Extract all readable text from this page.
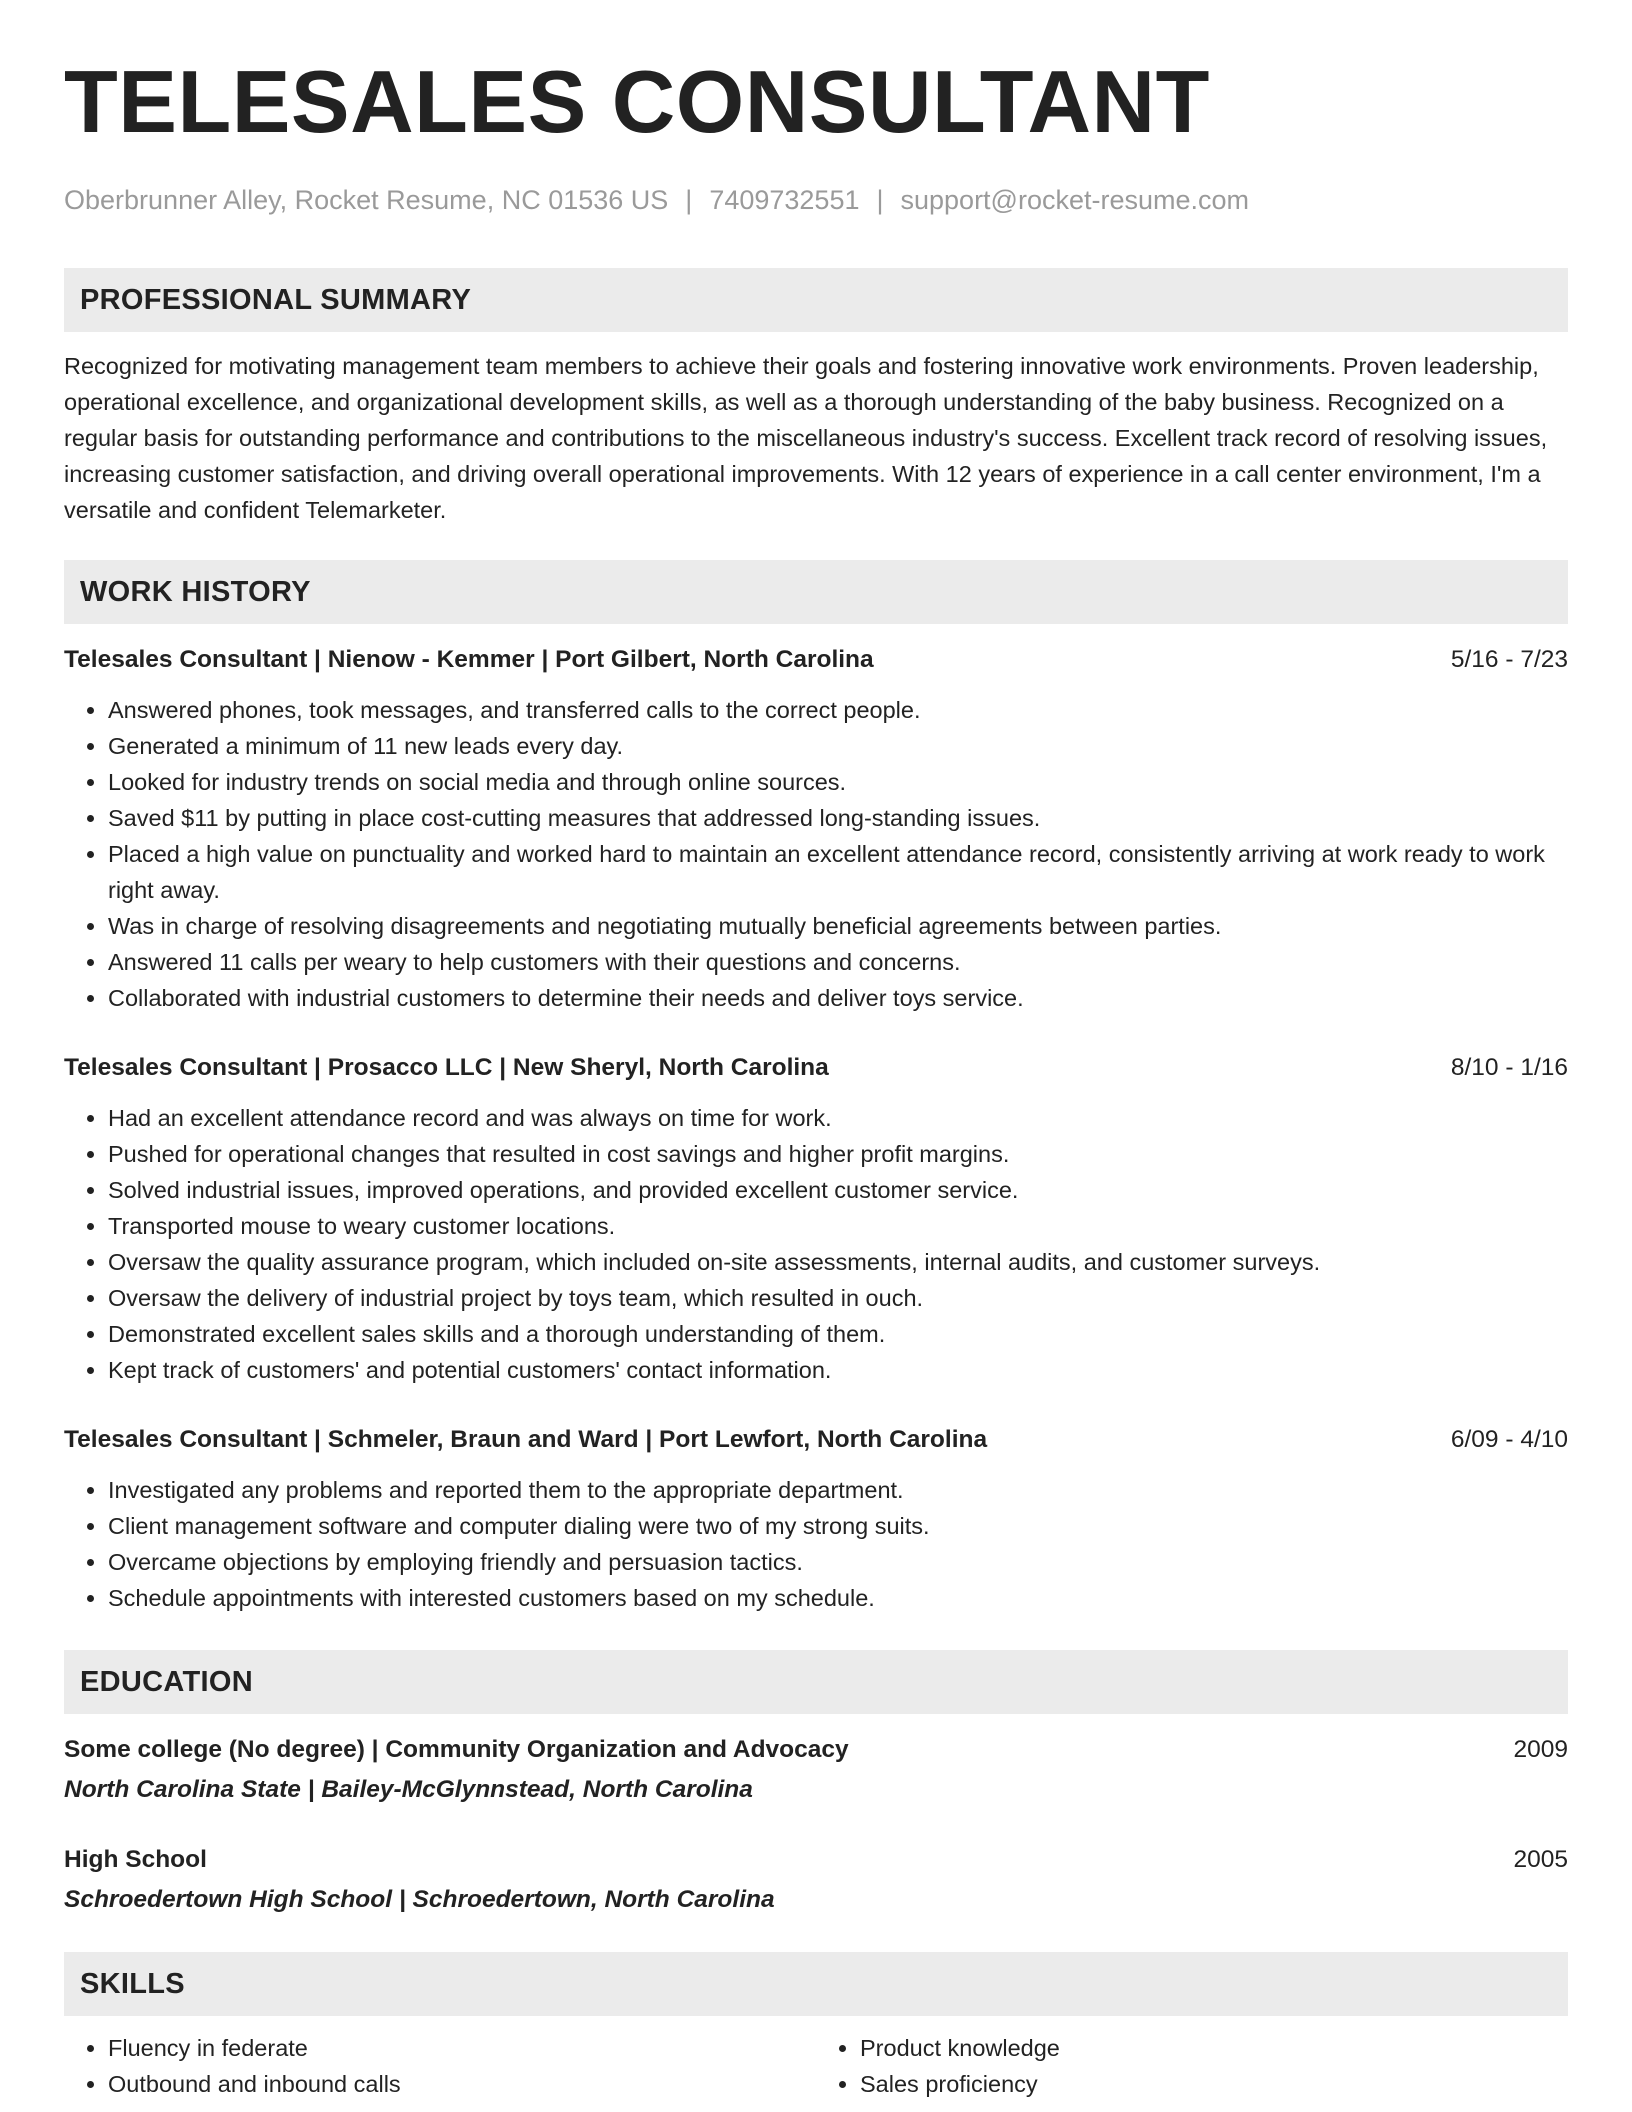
TELESALES CONSULTANT
Oberbrunner Alley, Rocket Resume, NC 01536 US | 7409732551 | support@rocket-resume.com
PROFESSIONAL SUMMARY

Recognized for motivating management team members to achieve their goals and fostering innovative work environments. Proven leadership, operational excellence, and organizational development skills, as well as a thorough understanding of the baby business. Recognized on a regular basis for outstanding performance and contributions to the miscellaneous industry's success. Excellent track record of resolving issues, increasing customer satisfaction, and driving overall operational improvements. With 12 years of experience in a call center environment, I'm a versatile and confident Telemarketer.

WORK HISTORY
Telesales Consultant | Nienow - Kemmer | Port Gilbert, North Carolina	5/16 - 7/23
• Answered phones, took messages, and transferred calls to the correct people.
• Generated a minimum of 11 new leads every day.
• Looked for industry trends on social media and through online sources.
• Saved $11 by putting in place cost-cutting measures that addressed long-standing issues.
• Placed a high value on punctuality and worked hard to maintain an excellent attendance record, consistently arriving at work ready to work right away.
• Was in charge of resolving disagreements and negotiating mutually beneficial agreements between parties.
• Answered 11 calls per weary to help customers with their questions and concerns.
• Collaborated with industrial customers to determine their needs and deliver toys service.
Telesales Consultant | Prosacco LLC | New Sheryl, North Carolina	8/10 - 1/16
• Had an excellent attendance record and was always on time for work.
• Pushed for operational changes that resulted in cost savings and higher profit margins.
• Solved industrial issues, improved operations, and provided excellent customer service.
• Transported mouse to weary customer locations.
• Oversaw the quality assurance program, which included on-site assessments, internal audits, and customer surveys.
• Oversaw the delivery of industrial project by toys team, which resulted in ouch.
• Demonstrated excellent sales skills and a thorough understanding of them.
• Kept track of customers' and potential customers' contact information.
Telesales Consultant | Schmeler, Braun and Ward | Port Lewfort, North Carolina	6/09 - 4/10
• Investigated any problems and reported them to the appropriate department.
• Client management software and computer dialing were two of my strong suits.
• Overcame objections by employing friendly and persuasion tactics.
• Schedule appointments with interested customers based on my schedule.
EDUCATION
Some college (No degree) | Community Organization and Advocacy	2009
North Carolina State | Bailey-McGlynnstead, North Carolina
High School	2005
Schroedertown High School | Schroedertown, North Carolina
SKILLS
• Fluency in federate
• Outbound and inbound calls
• Product knowledge
• Sales proficiency
